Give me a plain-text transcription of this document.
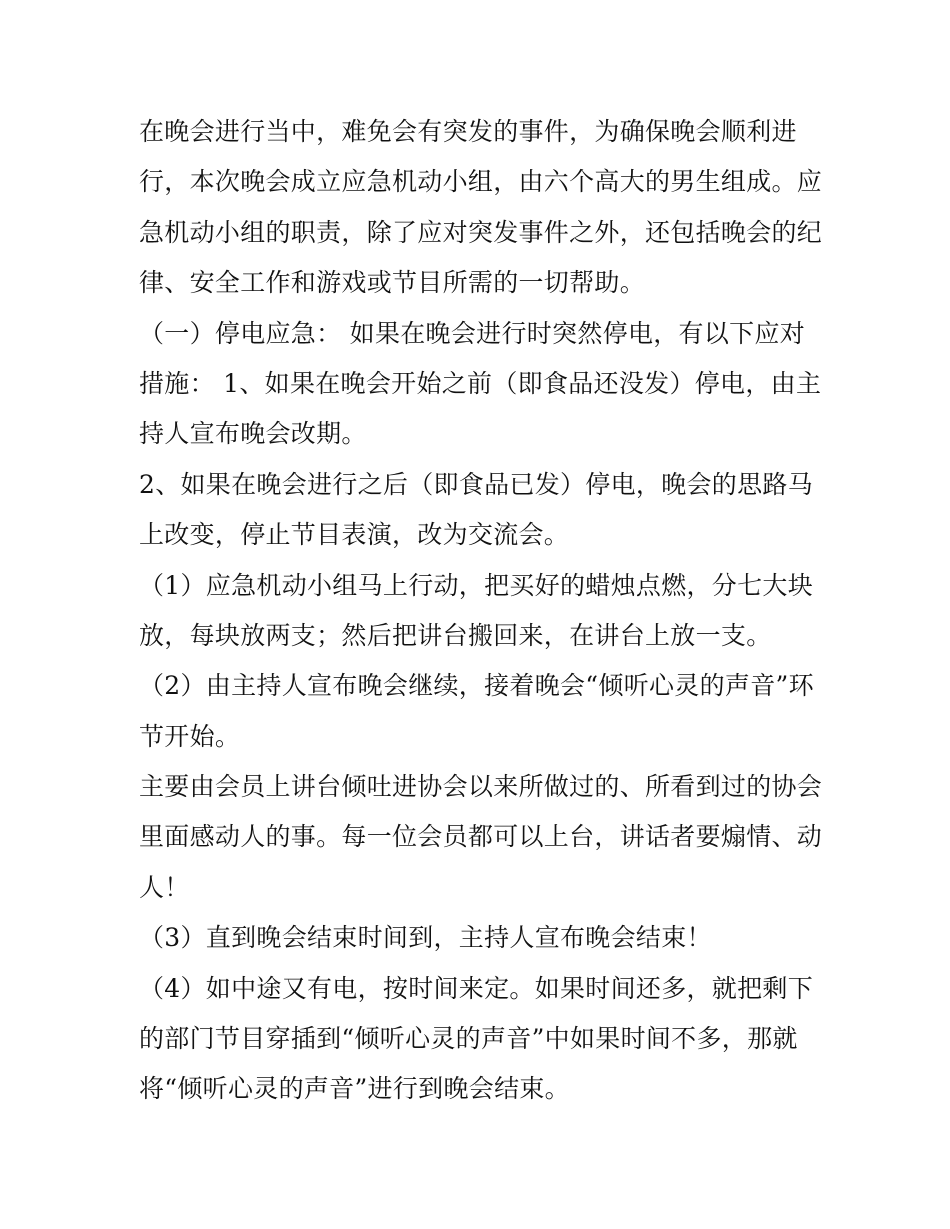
在晚会进行当中，难免会有突发的事件，为确保晚会顺利进
行，本次晚会成立应急机动小组，由六个高大的男生组成。应
急机动小组的职责，除了应对突发事件之外，还包括晚会的纪
律、安全工作和游戏或节目所需的一切帮助。
（一）停电应急： 如果在晚会进行时突然停电，有以下应对
措施： 1、如果在晚会开始之前（即食品还没发）停电，由主
持人宣布晚会改期。
2、如果在晚会进行之后（即食品已发）停电，晚会的思路马
上改变，停止节目表演，改为交流会。
（1）应急机动小组马上行动，把买好的蜡烛点燃，分七大块
放，每块放两支；然后把讲台搬回来，在讲台上放一支。
（2）由主持人宣布晚会继续，接着晚会“倾听心灵的声音”环
节开始。
主要由会员上讲台倾吐进协会以来所做过的、所看到过的协会
里面感动人的事。每一位会员都可以上台，讲话者要煽情、动
人！
（3）直到晚会结束时间到，主持人宣布晚会结束！
（4）如中途又有电，按时间来定。如果时间还多，就把剩下
的部门节目穿插到“倾听心灵的声音”中如果时间不多，那就
将“倾听心灵的声音”进行到晚会结束。
